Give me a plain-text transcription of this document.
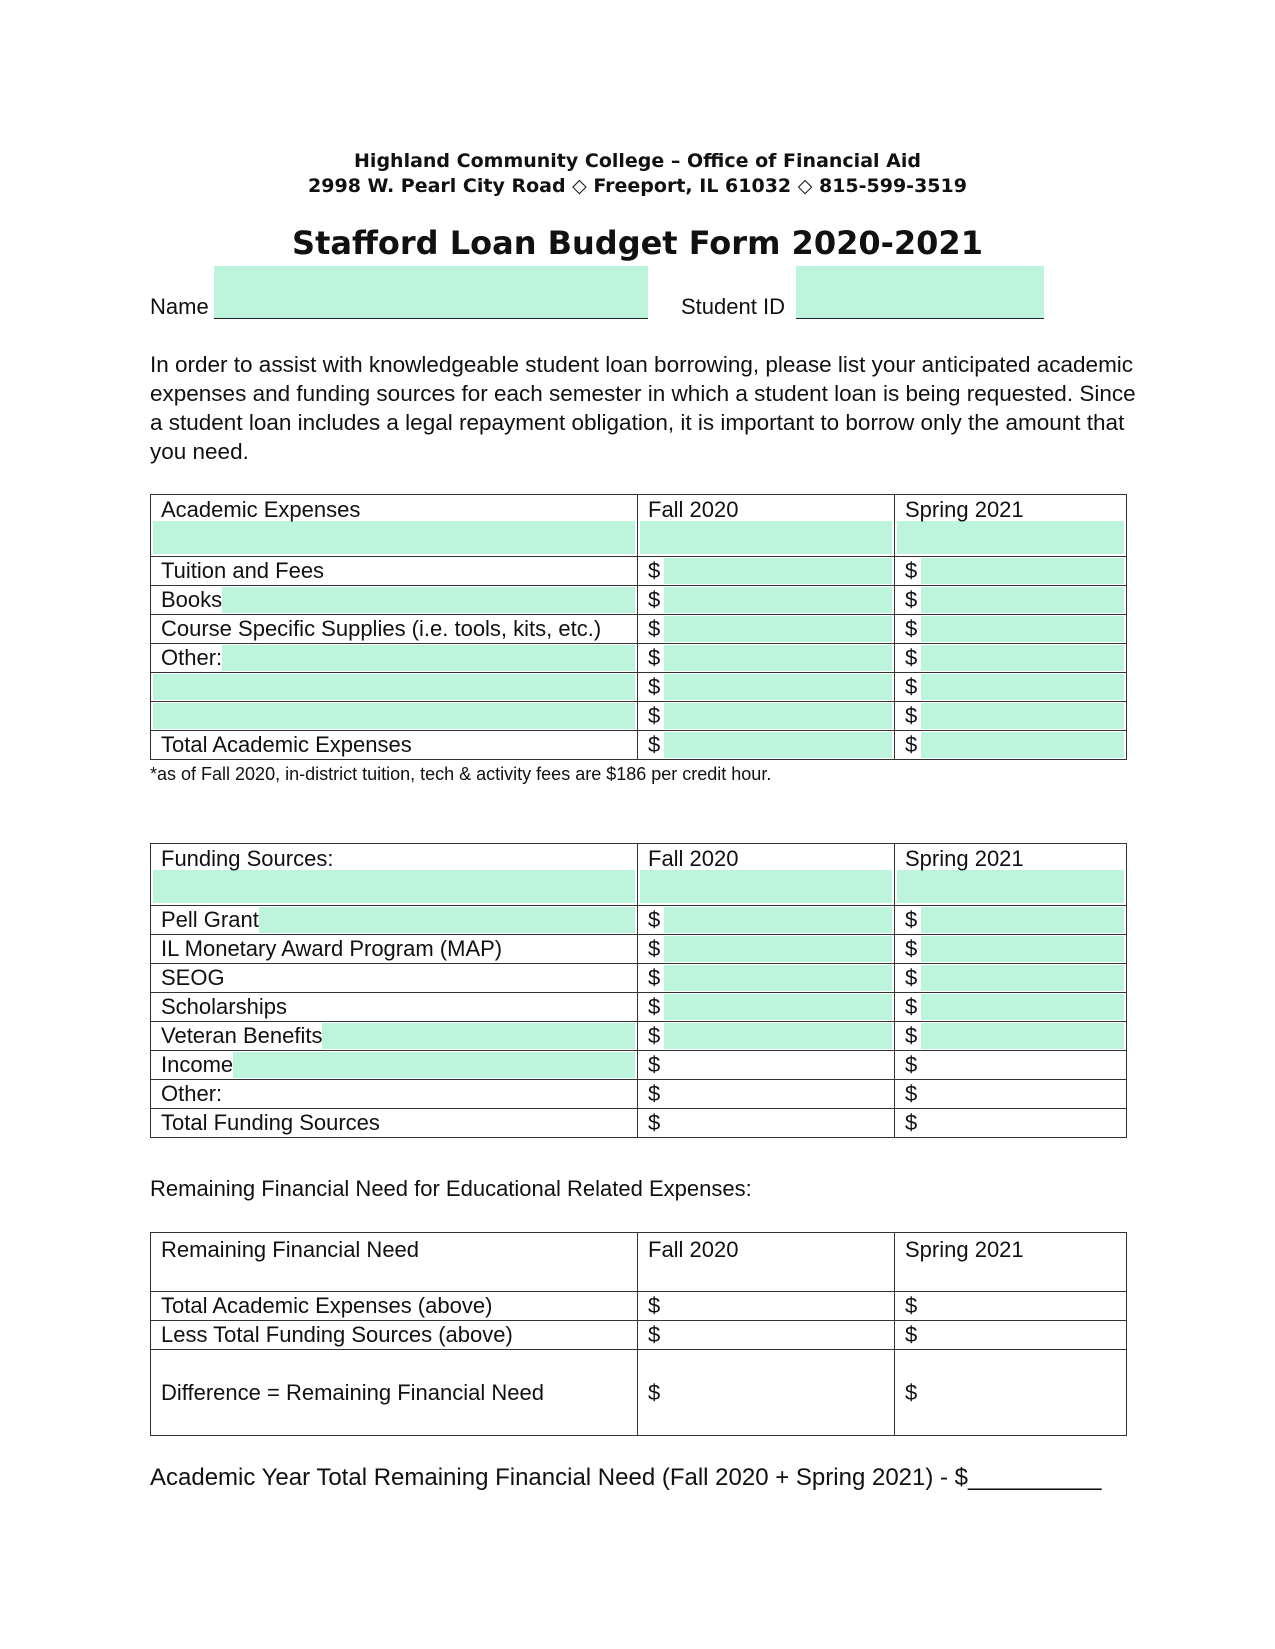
Highland Community College – Office of Financial Aid
2998 W. Pearl City Road ◇ Freeport, IL 61032 ◇ 815-599-3519
Stafford Loan Budget Form 2020-2021
Name	Student ID
In order to assist with knowledgeable student loan borrowing, please list your anticipated academic expenses and funding sources for each semester in which a student loan is being requested. Since a student loan includes a legal repayment obligation, it is important to borrow only the amount that you need.
Academic Expenses	Fall 2020	Spring 2021

Tuition and Fees	$	$

Books	$	$

Course Specific Supplies (i.e. tools, kits, etc.)	$	$

Other:	$	$

	$	$

	$	$

Total Academic Expenses	$	$
*as of Fall 2020, in-district tuition, tech & activity fees are $186 per credit hour.
Funding Sources:	Fall 2020	Spring 2021

Pell Grant	$	$

IL Monetary Award Program (MAP)	$	$

SEOG	$	$

Scholarships	$	$

Veteran Benefits	$	$

Income	$	$

Other:	$	$

Total Funding Sources	$	$
Remaining Financial Need for Educational Related Expenses:
Remaining Financial Need	Fall 2020	Spring 2021

Total Academic Expenses (above)	$	$

Less Total Funding Sources (above)	$	$

Difference = Remaining Financial Need	$	$
Academic Year Total Remaining Financial Need (Fall 2020 + Spring 2021) - $__________
